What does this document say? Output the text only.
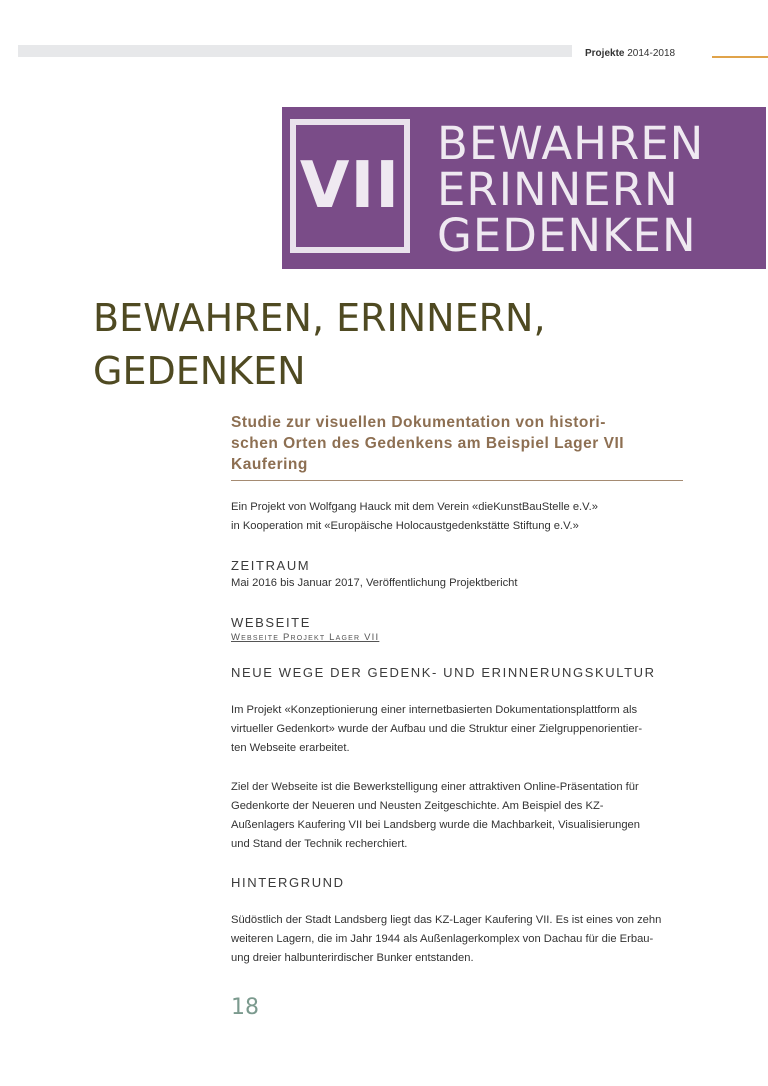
Projekte 2014-2018
VII
BEWAHREN
ERINNERN
GEDENKEN
BEWAHREN, ERINNERN,
GEDENKEN
Studie zur visuellen Dokumentation von histori-
schen Orten des Gedenkens am Beispiel Lager VII
Kaufering
Ein Projekt von Wolfgang Hauck mit dem Verein «dieKunstBauStelle e.V.»
in Kooperation mit «Europäische Holocaustgedenkstätte Stiftung e.V.»
ZEITRAUM
Mai 2016 bis Januar 2017, Veröffentlichung Projektbericht
WEBSEITE
Webseite Projekt Lager VII
NEUE WEGE DER GEDENK- UND ERINNERUNGSKULTUR
Im Projekt «Konzeptionierung einer internetbasierten Dokumentationsplattform als
virtueller Gedenkort» wurde der Aufbau und die Struktur einer Zielgruppenorientier-
ten Webseite erarbeitet.
Ziel der Webseite ist die Bewerkstelligung einer attraktiven Online-Präsentation für
Gedenkorte der Neueren und Neusten Zeitgeschichte. Am Beispiel des KZ-
Außenlagers Kaufering VII bei Landsberg wurde die Machbarkeit, Visualisierungen
und Stand der Technik recherchiert.
HINTERGRUND
Südöstlich der Stadt Landsberg liegt das KZ-Lager Kaufering VII. Es ist eines von zehn
weiteren Lagern, die im Jahr 1944 als Außenlagerkomplex von Dachau für die Erbau-
ung dreier halbunterirdischer Bunker entstanden.
18
